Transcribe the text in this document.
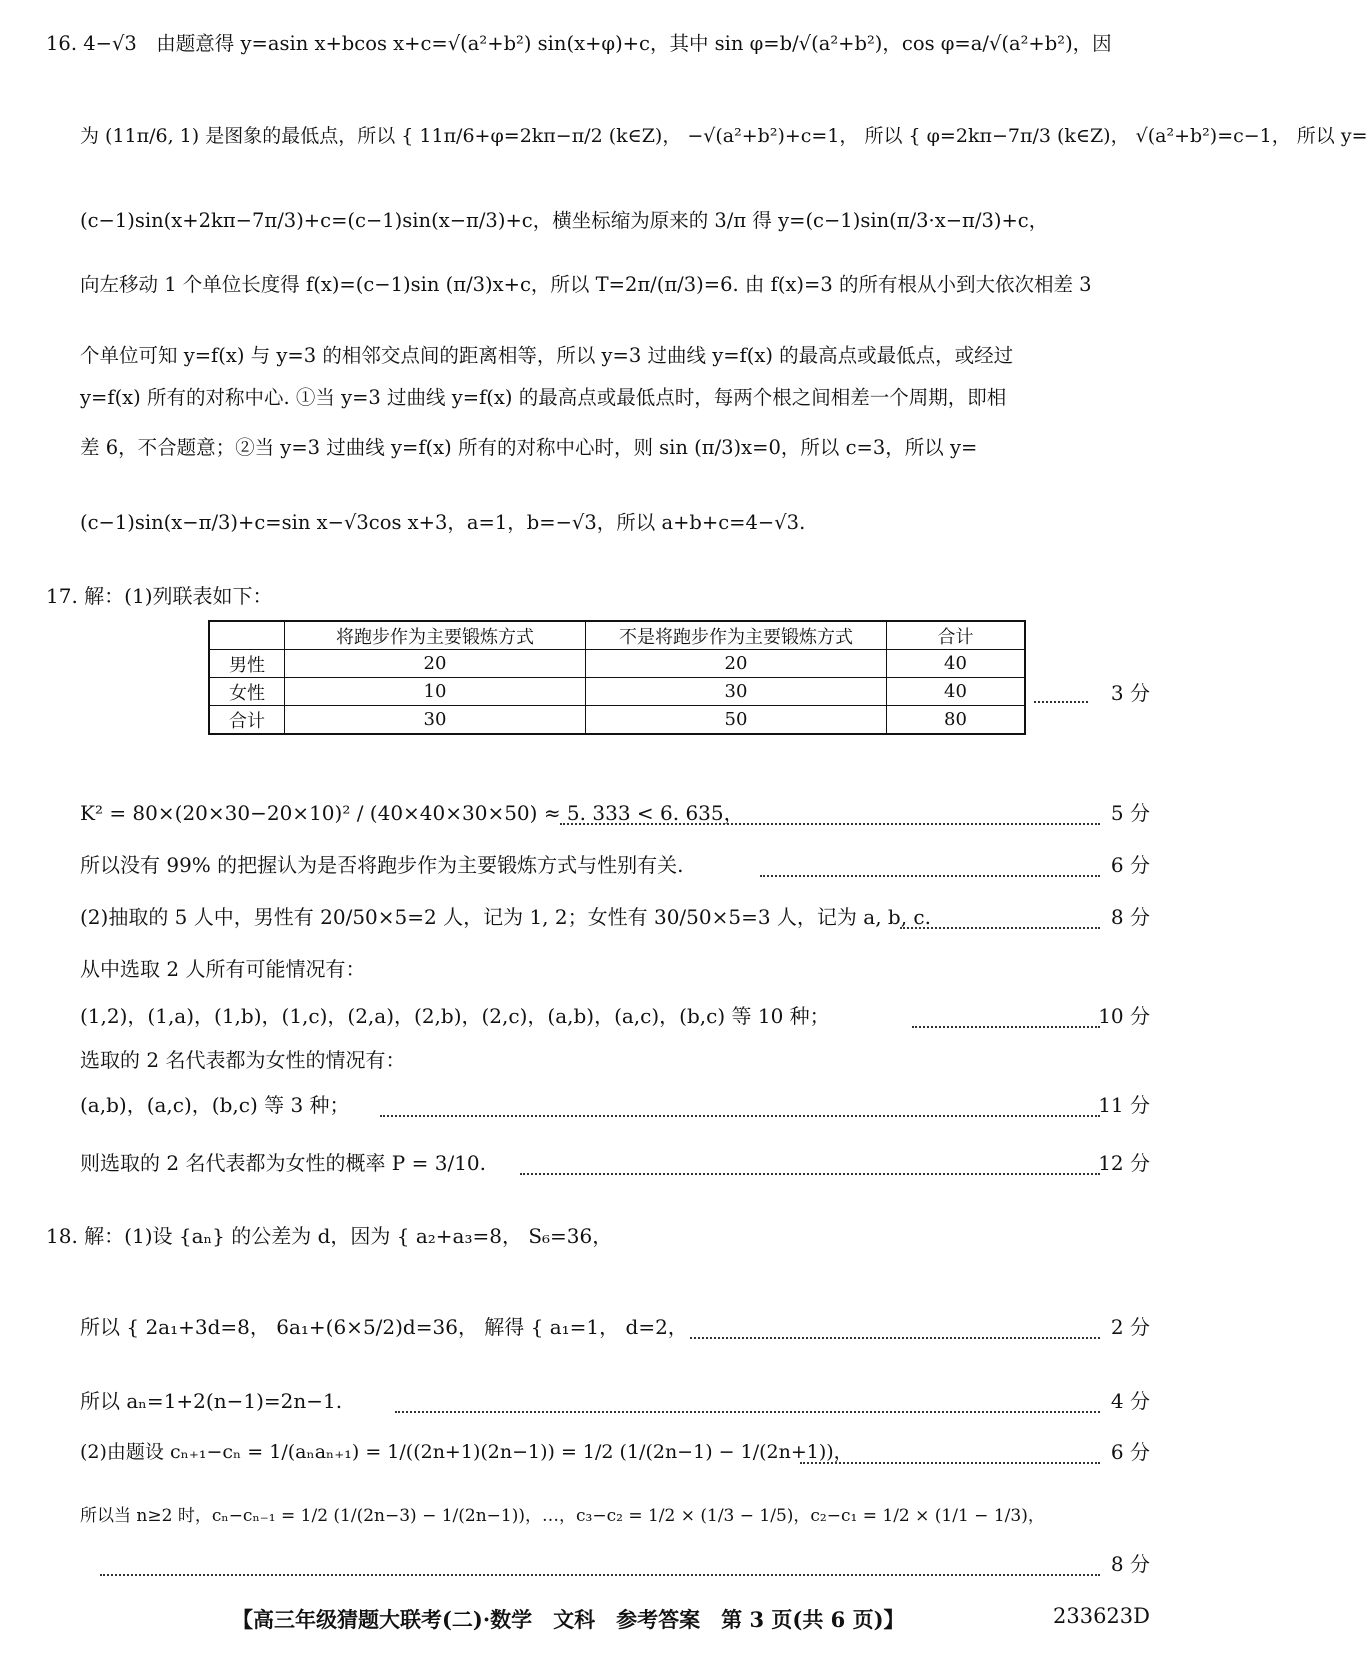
16. 4−√3　由题意得 y=asin x+bcos x+c=√(a²+b²) sin(x+φ)+c，其中 sin φ=b/√(a²+b²)，cos φ=a/√(a²+b²)，因
为 (11π/6, 1) 是图象的最低点，所以 { 11π/6+φ=2kπ−π/2 (k∈Z)， −√(a²+b²)+c=1， 所以 { φ=2kπ−7π/3 (k∈Z)， √(a²+b²)=c−1， 所以 y=
(c−1)sin(x+2kπ−7π/3)+c=(c−1)sin(x−π/3)+c，横坐标缩为原来的 3/π 得 y=(c−1)sin(π/3·x−π/3)+c，
向左移动 1 个单位长度得 f(x)=(c−1)sin (π/3)x+c，所以 T=2π/(π/3)=6. 由 f(x)=3 的所有根从小到大依次相差 3
个单位可知 y=f(x) 与 y=3 的相邻交点间的距离相等，所以 y=3 过曲线 y=f(x) 的最高点或最低点，或经过
y=f(x) 所有的对称中心. ①当 y=3 过曲线 y=f(x) 的最高点或最低点时，每两个根之间相差一个周期，即相
差 6，不合题意；②当 y=3 过曲线 y=f(x) 所有的对称中心时，则 sin (π/3)x=0，所以 c=3，所以 y=
(c−1)sin(x−π/3)+c=sin x−√3cos x+3，a=1，b=−√3，所以 a+b+c=4−√3.
17. 解：(1)列联表如下：
	将跑步作为主要锻炼方式	不是将跑步作为主要锻炼方式	合计
男性	20	20	40
女性	10	30	40
合计	30	50	80
3 分
K² = 80×(20×30−20×10)² / (40×40×30×50) ≈ 5. 333 < 6. 635，	5 分
所以没有 99% 的把握认为是否将跑步作为主要锻炼方式与性别有关.	6 分
(2)抽取的 5 人中，男性有 20/50×5=2 人，记为 1, 2；女性有 30/50×5=3 人，记为 a, b, c.	8 分
从中选取 2 人所有可能情况有：
(1,2)，(1,a)，(1,b)，(1,c)，(2,a)，(2,b)，(2,c)，(a,b)，(a,c)，(b,c) 等 10 种；	10 分
选取的 2 名代表都为女性的情况有：
(a,b)，(a,c)，(b,c) 等 3 种；	11 分
则选取的 2 名代表都为女性的概率 P = 3/10.	12 分
18. 解：(1)设 {aₙ} 的公差为 d，因为 { a₂+a₃=8， S₆=36，
所以 { 2a₁+3d=8， 6a₁+(6×5/2)d=36， 解得 { a₁=1， d=2，	2 分
所以 aₙ=1+2(n−1)=2n−1.	4 分
(2)由题设 cₙ₊₁−cₙ = 1/(aₙaₙ₊₁) = 1/((2n+1)(2n−1)) = 1/2 (1/(2n−1) − 1/(2n+1))，	6 分
所以当 n≥2 时，cₙ−cₙ₋₁ = 1/2 (1/(2n−3) − 1/(2n−1))，…，c₃−c₂ = 1/2 × (1/3 − 1/5)，c₂−c₁ = 1/2 × (1/1 − 1/3)，
8 分
【高三年级猜题大联考(二)·数学　文科　参考答案　第 3 页(共 6 页)】	233623D
